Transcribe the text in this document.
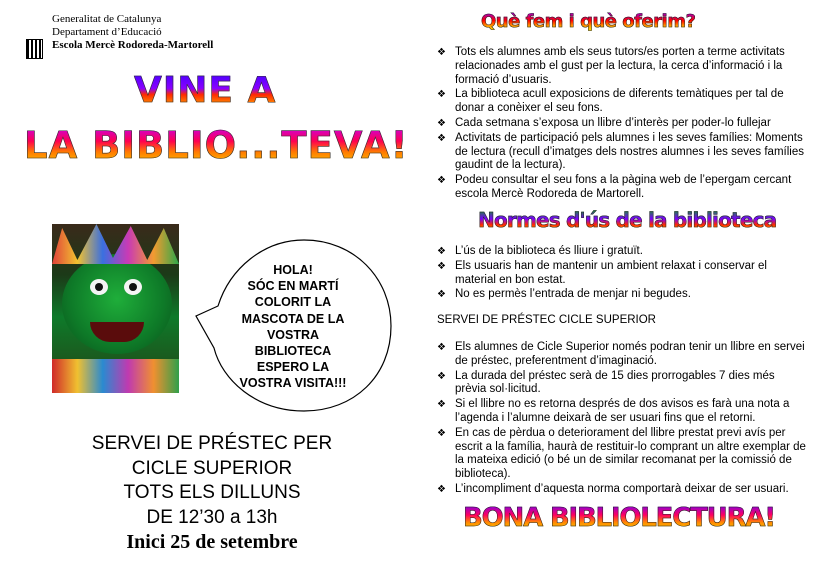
Generalitat de Catalunya
Departament d’Educació
Escola Mercè Rodoreda-Martorell
VINE A
LA BIBLIO...TEVA!
HOLA!
SÓC EN MARTÍ
COLORIT LA
MASCOTA DE LA
VOSTRA
BIBLIOTECA
ESPERO LA
VOSTRA VISITA!!!
SERVEI DE PRÉSTEC PER
CICLE SUPERIOR
TOTS ELS DILLUNS
DE 12’30 a 13h
Inici 25 de setembre
Què fem i què oferim?
❖ Tots els alumnes amb els seus tutors/es porten a terme activitats relacionades amb el gust per la lectura, la cerca d’informació i la formació d’usuaris.
❖ La biblioteca acull exposicions de diferents temàtiques per tal de donar a conèixer el seu fons.
❖ Cada setmana s’exposa un llibre d’interès per poder-lo fullejar
❖ Activitats de participació pels alumnes i les seves famílies: Moments de lectura (recull d’imatges dels nostres alumnes i les seves famílies gaudint de la lectura).
❖ Podeu consultar el seu fons a la pàgina web de l’epergam cercant escola Mercè Rodoreda de Martorell.
Normes d'ús de la biblioteca
❖ L’ús de la biblioteca és lliure i gratuït.
❖ Els usuaris han de mantenir un ambient relaxat i conservar el material en bon estat.
❖ No es permès l’entrada de menjar ni begudes.
SERVEI DE PRÉSTEC CICLE SUPERIOR
❖ Els alumnes de Cicle Superior només podran tenir un llibre en servei de préstec, preferentment d’imaginació.
❖ La durada del préstec serà de 15 dies prorrogables 7 dies més prèvia sol·licitud.
❖ Si el llibre no es retorna després de dos avisos es farà una nota a l’agenda i l’alumne deixarà de ser usuari fins que el retorni.
❖ En cas de pèrdua o deteriorament del llibre prestat previ avís per escrit a la família, haurà de restituir-lo comprant un altre exemplar de la mateixa edició (o bé un de similar recomanat per la comissió de biblioteca).
❖ L’incompliment d’aquesta norma comportarà deixar de ser usuari.
BONA BIBLIOLECTURA!
